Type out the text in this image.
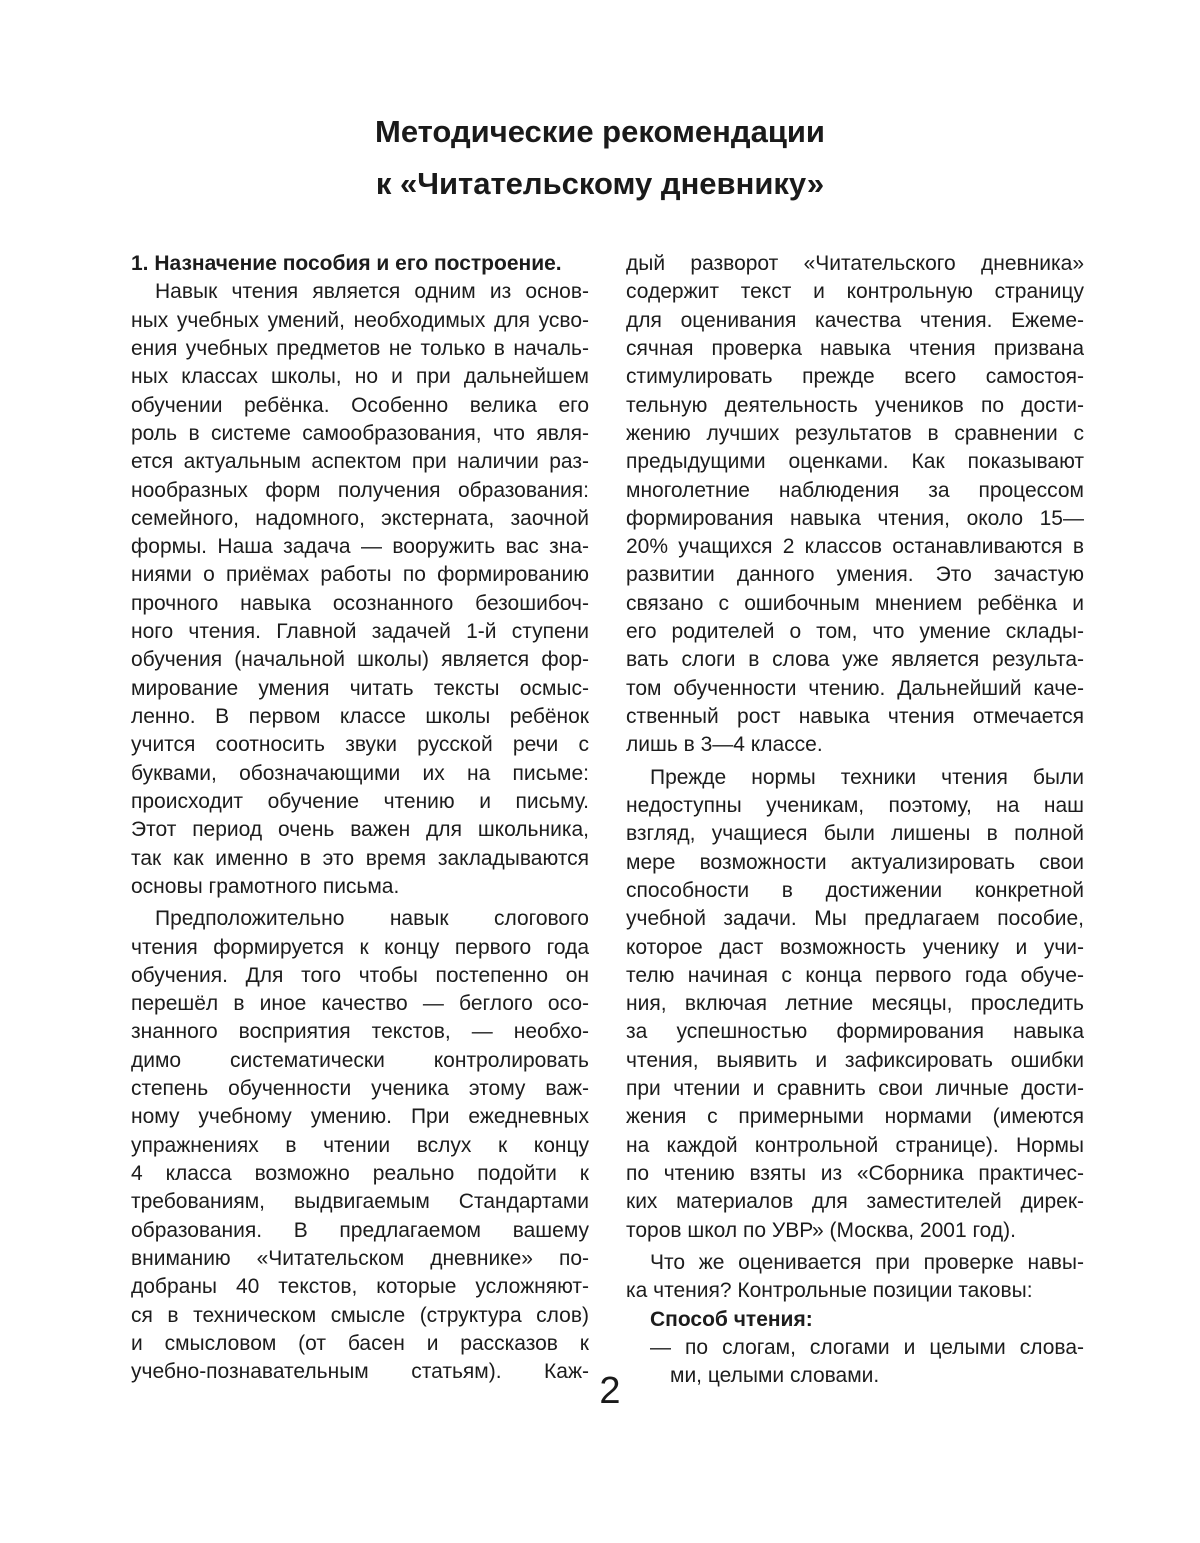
Методические рекомендации
к «Читательскому дневнику»
1. Назначение пособия и его построение.
Навык чтения является одним из основ-
ных учебных умений, необходимых для усво-
ения учебных предметов не только в началь-
ных классах школы, но и при дальнейшем
обучении ребёнка. Особенно велика его
роль в системе самообразования, что явля-
ется актуальным аспектом при наличии раз-
нообразных форм получения образования:
семейного, надомного, экстерната, заочной
формы. Наша задача — вооружить вас зна-
ниями о приёмах работы по формированию
прочного навыка осознанного безошибоч-
ного чтения. Главной задачей 1-й ступени
обучения (начальной школы) является фор-
мирование умения читать тексты осмыс-
ленно. В первом классе школы ребёнок
учится соотносить звуки русской речи с
буквами, обозначающими их на письме:
происходит обучение чтению и письму.
Этот период очень важен для школьника,
так как именно в это время закладываются
основы грамотного письма.
Предположительно навык слогового
чтения формируется к концу первого года
обучения. Для того чтобы постепенно он
перешёл в иное качество — беглого осо-
знанного восприятия текстов, — необхо-
димо систематически контролировать
степень обученности ученика этому важ-
ному учебному умению. При ежедневных
упражнениях в чтении вслух к концу
4 класса возможно реально подойти к
требованиям, выдвигаемым Стандартами
образования. В предлагаемом вашему
вниманию «Читательском дневнике» по-
добраны 40 текстов, которые усложняют-
ся в техническом смысле (структура слов)
и смысловом (от басен и рассказов к
учебно-познавательным статьям). Каж-
дый разворот «Читательского дневника»
содержит текст и контрольную страницу
для оценивания качества чтения. Ежеме-
сячная проверка навыка чтения призвана
стимулировать прежде всего самостоя-
тельную деятельность учеников по дости-
жению лучших результатов в сравнении с
предыдущими оценками. Как показывают
многолетние наблюдения за процессом
формирования навыка чтения, около 15—
20% учащихся 2 классов останавливаются в
развитии данного умения. Это зачастую
связано с ошибочным мнением ребёнка и
его родителей о том, что умение склады-
вать слоги в слова уже является результа-
том обученности чтению. Дальнейший каче-
ственный рост навыка чтения отмечается
лишь в 3—4 классе.
Прежде нормы техники чтения были
недоступны ученикам, поэтому, на наш
взгляд, учащиеся были лишены в полной
мере возможности актуализировать свои
способности в достижении конкретной
учебной задачи. Мы предлагаем пособие,
которое даст возможность ученику и учи-
телю начиная с конца первого года обуче-
ния, включая летние месяцы, проследить
за успешностью формирования навыка
чтения, выявить и зафиксировать ошибки
при чтении и сравнить свои личные дости-
жения с примерными нормами (имеются
на каждой контрольной странице). Нормы
по чтению взяты из «Сборника практичес-
ких материалов для заместителей дирек-
торов школ по УВР» (Москва, 2001 год).
Что же оценивается при проверке навы-
ка чтения? Контрольные позиции таковы:
Способ чтения:
— по слогам, слогами и целыми слова-
ми, целыми словами.
2
